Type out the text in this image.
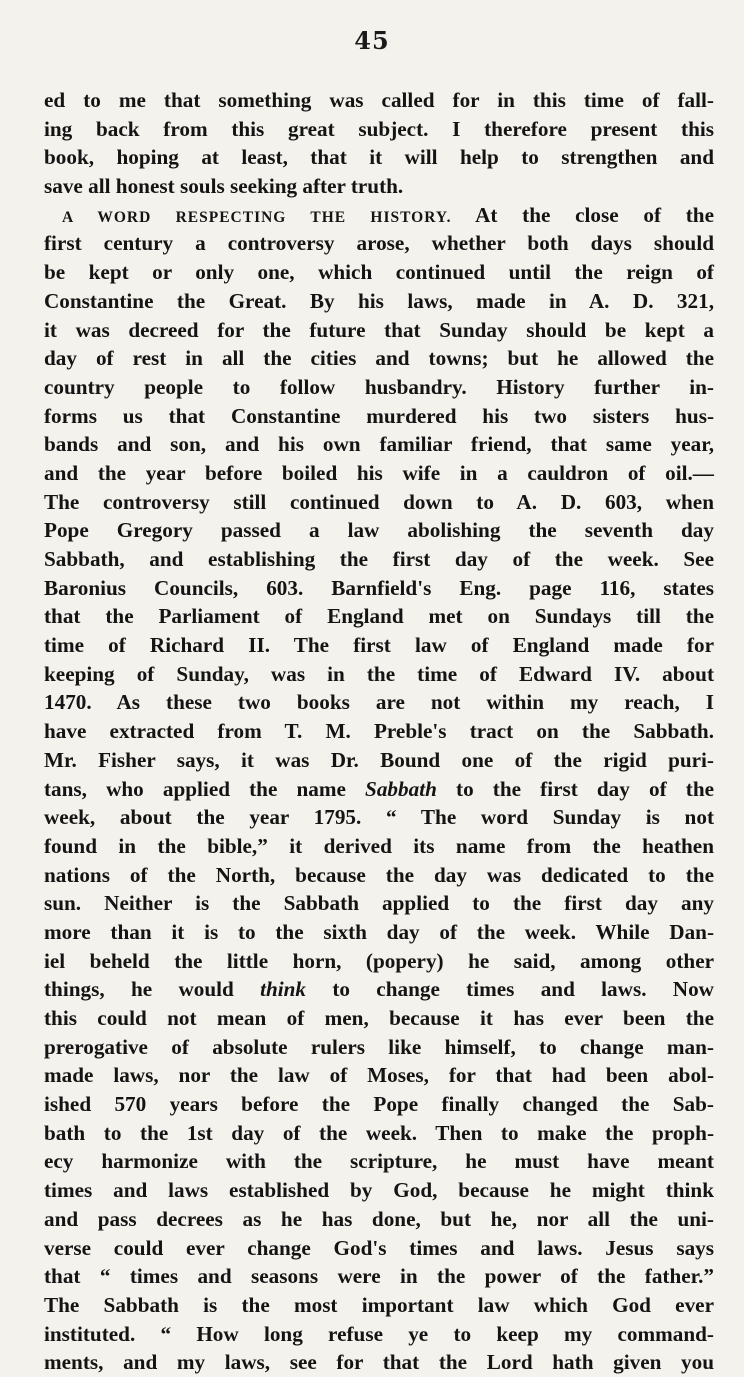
45
ed to me that something was called for in this time of fall-
ing back from this great subject. I therefore present this
book, hoping at least, that it will help to strengthen and
save all honest souls seeking after truth.
A WORD RESPECTING THE HISTORY. At the close of the
first century a controversy arose, whether both days should
be kept or only one, which continued until the reign of
Constantine the Great. By his laws, made in A. D. 321,
it was decreed for the future that Sunday should be kept a
day of rest in all the cities and towns; but he allowed the
country people to follow husbandry. History further in-
forms us that Constantine murdered his two sisters hus-
bands and son, and his own familiar friend, that same year,
and the year before boiled his wife in a cauldron of oil.—
The controversy still continued down to A. D. 603, when
Pope Gregory passed a law abolishing the seventh day
Sabbath, and establishing the first day of the week. See
Baronius Councils, 603. Barnfield's Eng. page 116, states
that the Parliament of England met on Sundays till the
time of Richard II. The first law of England made for
keeping of Sunday, was in the time of Edward IV. about
1470. As these two books are not within my reach, I
have extracted from T. M. Preble's tract on the Sabbath.
Mr. Fisher says, it was Dr. Bound one of the rigid puri-
tans, who applied the name Sabbath to the first day of the
week, about the year 1795. “ The word Sunday is not
found in the bible,” it derived its name from the heathen
nations of the North, because the day was dedicated to the
sun. Neither is the Sabbath applied to the first day any
more than it is to the sixth day of the week. While Dan-
iel beheld the little horn, (popery) he said, among other
things, he would think to change times and laws. Now
this could not mean of men, because it has ever been the
prerogative of absolute rulers like himself, to change man-
made laws, nor the law of Moses, for that had been abol-
ished 570 years before the Pope finally changed the Sab-
bath to the 1st day of the week. Then to make the proph-
ecy harmonize with the scripture, he must have meant
times and laws established by God, because he might think
and pass decrees as he has done, but he, nor all the uni-
verse could ever change God's times and laws. Jesus says
that “ times and seasons were in the power of the father.”
The Sabbath is the most important law which God ever
instituted. “ How long refuse ye to keep my command-
ments, and my laws, see for that the Lord hath given you
